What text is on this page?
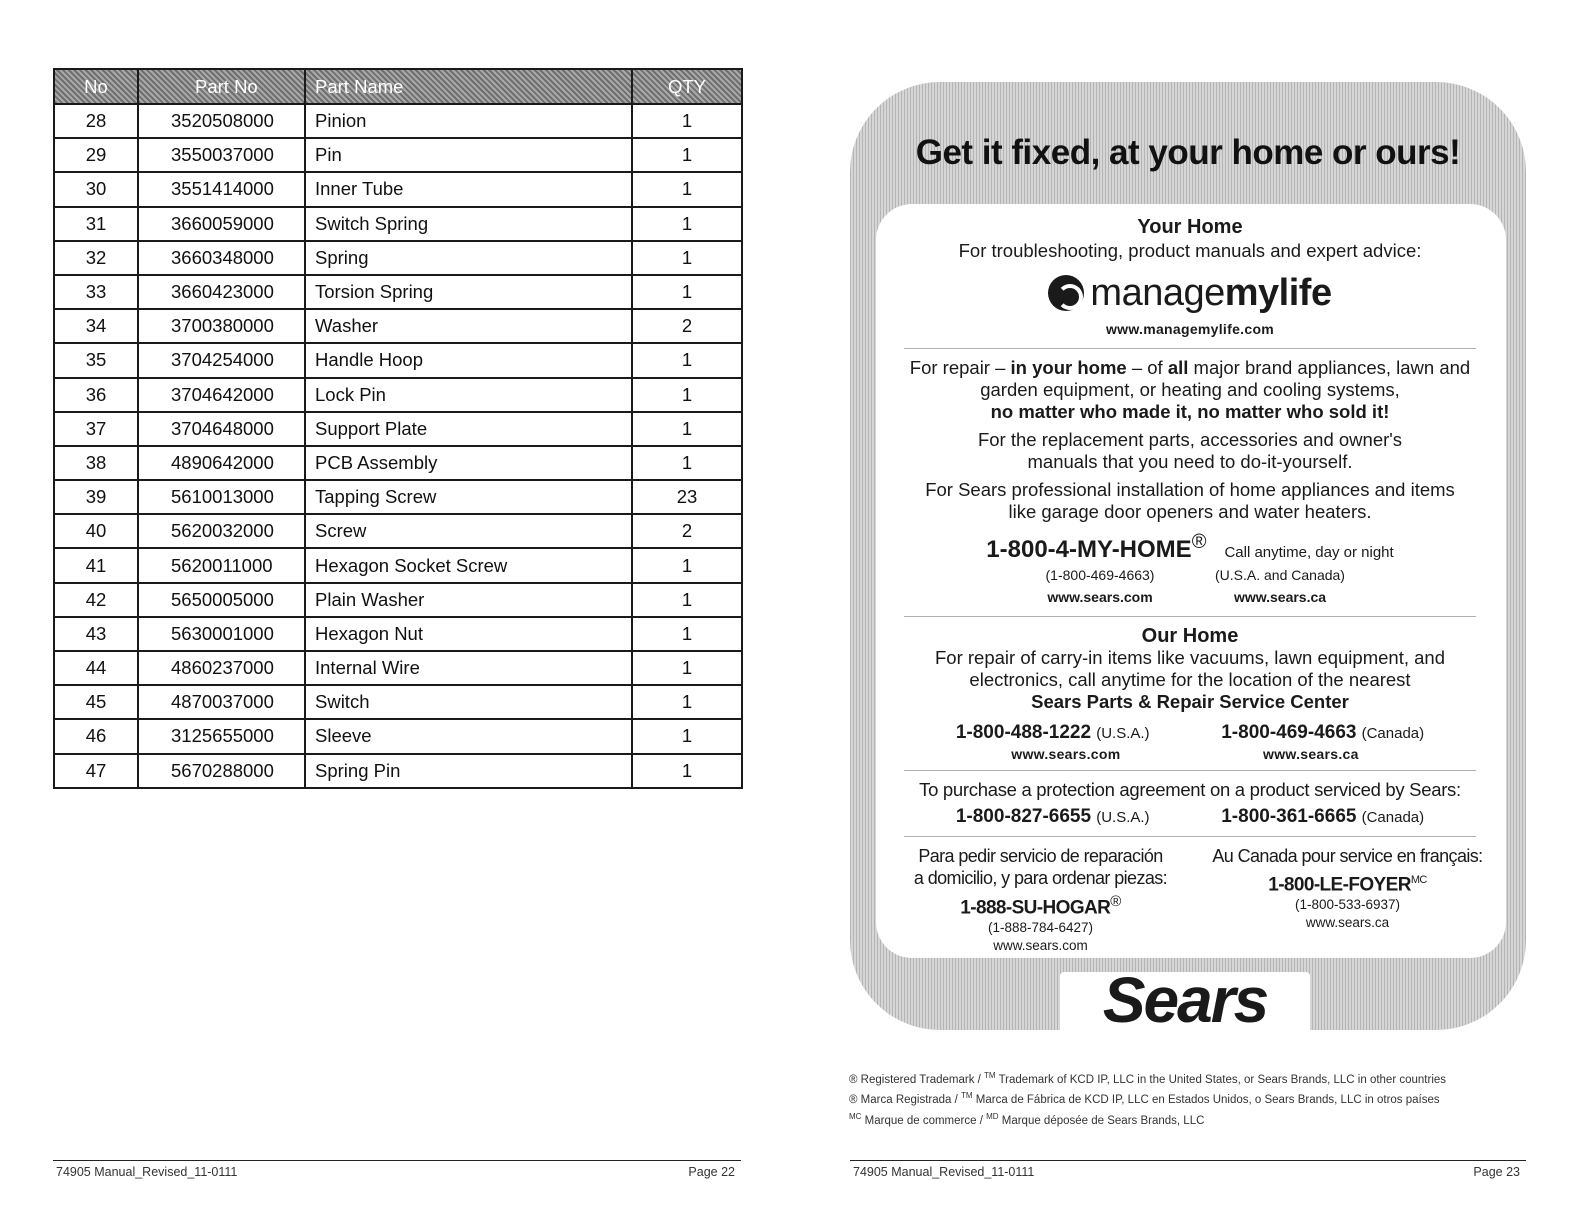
No	Part No	Part Name	QTY
28	3520508000	Pinion	1
29	3550037000	Pin	1
30	3551414000	Inner Tube	1
31	3660059000	Switch Spring	1
32	3660348000	Spring	1
33	3660423000	Torsion Spring	1
34	3700380000	Washer	2
35	3704254000	Handle Hoop	1
36	3704642000	Lock Pin	1
37	3704648000	Support Plate	1
38	4890642000	PCB Assembly	1
39	5610013000	Tapping Screw	23
40	5620032000	Screw	2
41	5620011000	Hexagon Socket Screw	1
42	5650005000	Plain Washer	1
43	5630001000	Hexagon Nut	1
44	4860237000	Internal Wire	1
45	4870037000	Switch	1
46	3125655000	Sleeve	1
47	5670288000	Spring Pin	1
74905 Manual_Revised_11-0111	Page 22
Get it fixed, at your home or ours!

Your Home

For troubleshooting, product manuals and expert advice:

manage mylife

www.managemylife.com

For repair – in your home – of all major brand appliances, lawn and garden equipment, or heating and cooling systems,

no matter who made it, no matter who sold it!

For the replacement parts, accessories and owner's manuals that you need to do-it-yourself.

For Sears professional installation of home appliances and items like garage door openers and water heaters.

1-800-4-MY-HOME® Call anytime, day or night

(1-800-469-4663)

www.sears.com

(U.S.A. and Canada)

www.sears.ca

Our Home

For repair of carry-in items like vacuums, lawn equipment, and electronics, call anytime for the location of the nearest

Sears Parts & Repair Service Center

1-800-488-1222 (U.S.A.)	1-800-469-4663 (Canada)
www.sears.com	www.sears.ca

To purchase a protection agreement on a product serviced by Sears:

1-800-827-6655 (U.S.A.)	1-800-361-6665 (Canada)

Para pedir servicio de reparación

a domicilio, y para ordenar piezas:

1-888-SU-HOGAR®

(1-888-784-6427)

www.sears.com

Au Canada pour service en français:

$1-800-LE-FOYER^{MC}$

(1-800-533-6937)

www.sears.ca

Sears

® Registered Trademark / ™ Trademark of KCD IP, LLC in the United States, or Sears Brands, LLC in other countries

® Marca Registrada / ™ Marca de Fábrica de KCD IP, LLC en Estados Unidos, o Sears Brands, LLC in otros países

$^{MC}$ Marque de commerce / $^{MD}$ Marque déposée de Sears Brands, LLC

74905 Manual_Revised_11-0111	Page 23
